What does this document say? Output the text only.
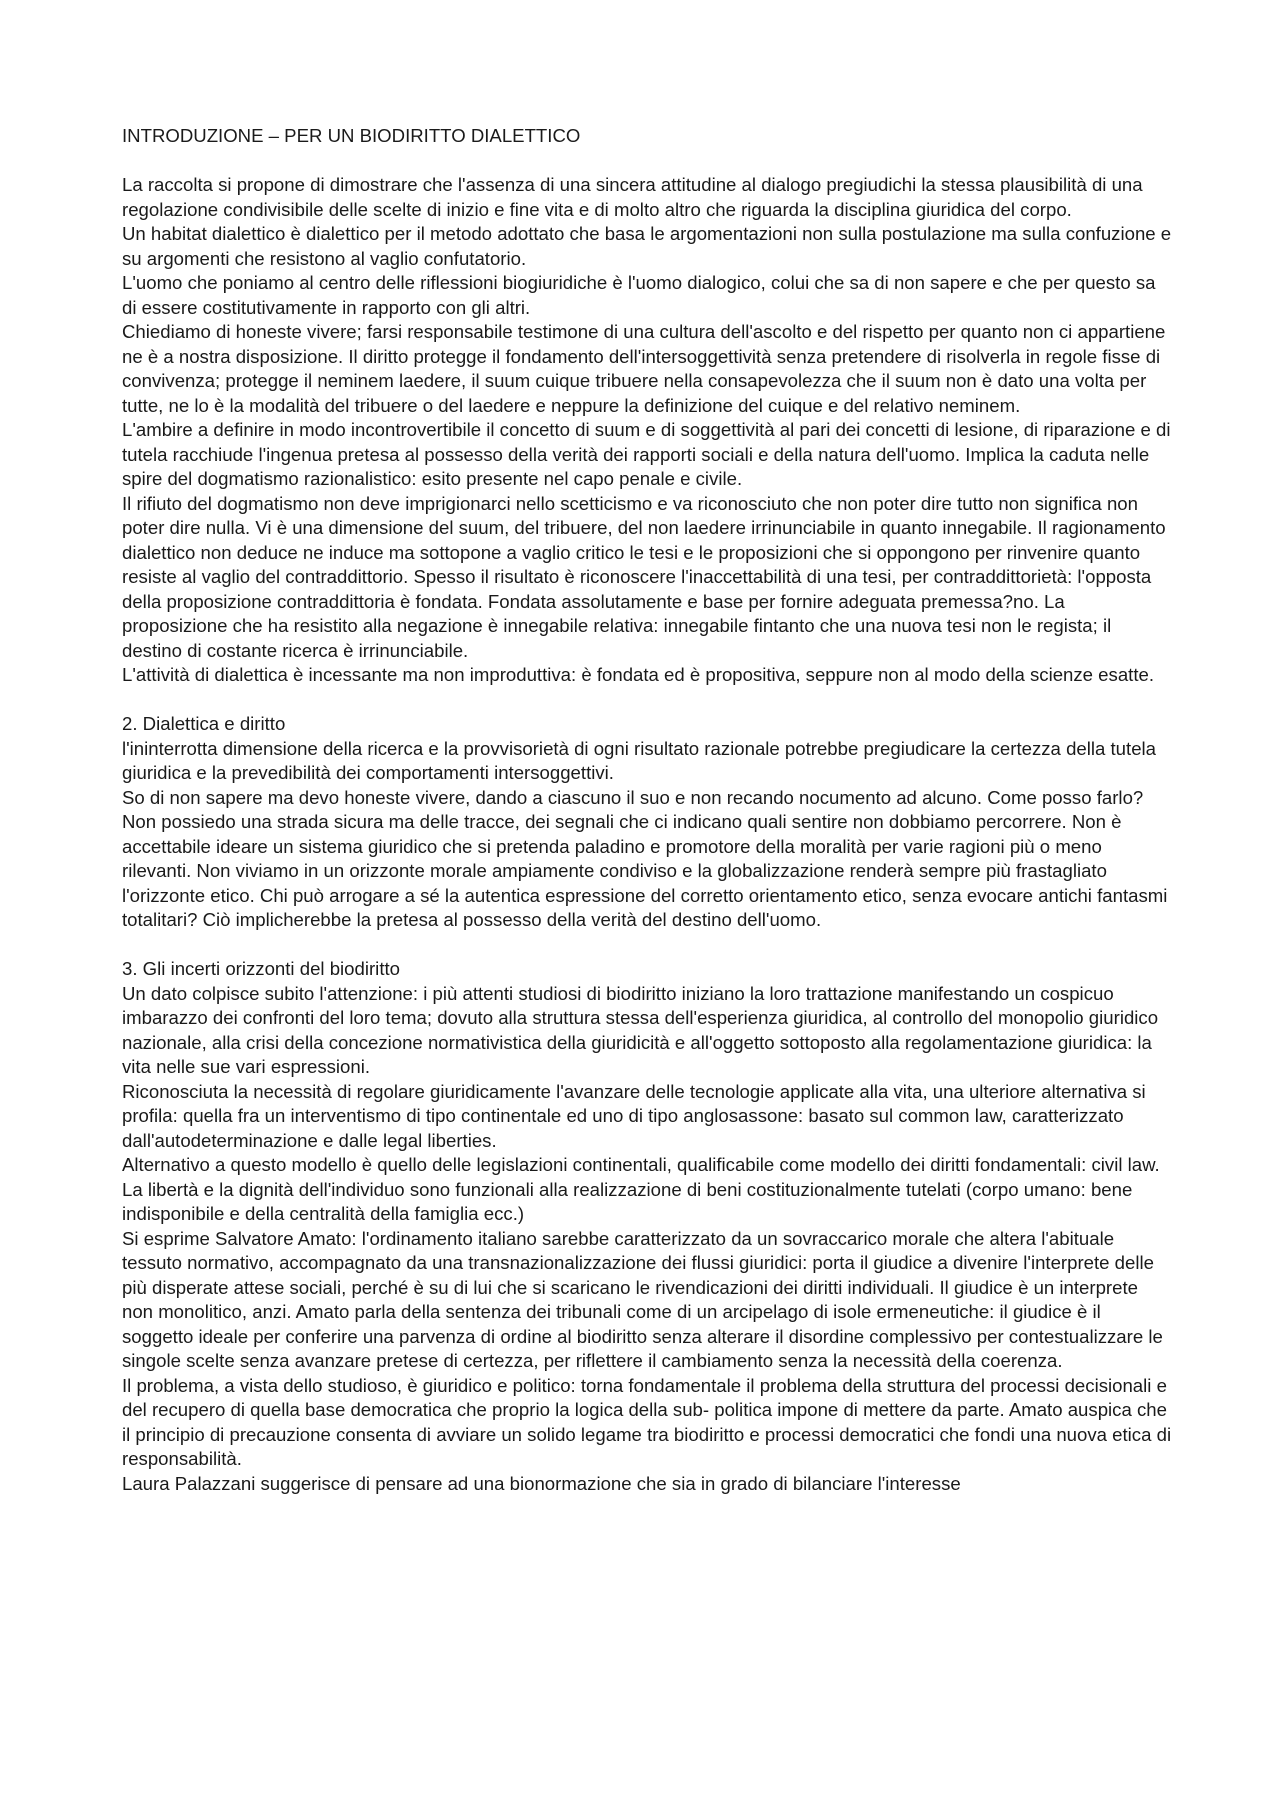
INTRODUZIONE – PER UN BIODIRITTO DIALETTICO

La raccolta si propone di dimostrare che l'assenza di una sincera attitudine al dialogo pregiudichi la stessa plausibilità di una regolazione condivisibile delle scelte di inizio e fine vita e di molto altro che riguarda la disciplina giuridica del corpo.

Un habitat dialettico è dialettico per il metodo adottato che basa le argomentazioni non sulla postulazione ma sulla confuzione e su argomenti che resistono al vaglio confutatorio.

L'uomo che poniamo al centro delle riflessioni biogiuridiche è l'uomo dialogico, colui che sa di non sapere e che per questo sa di essere costitutivamente in rapporto con gli altri.

Chiediamo di honeste vivere; farsi responsabile testimone di una cultura dell'ascolto e del rispetto per quanto non ci appartiene ne è a nostra disposizione. Il diritto protegge il fondamento dell'intersoggettività senza pretendere di risolverla in regole fisse di convivenza; protegge il neminem laedere, il suum cuique tribuere nella consapevolezza che il suum non è dato una volta per tutte, ne lo è la modalità del tribuere o del laedere e neppure la definizione del cuique e del relativo neminem.

L'ambire a definire in modo incontrovertibile il concetto di suum e di soggettività al pari dei concetti di lesione, di riparazione e di tutela racchiude l'ingenua pretesa al possesso della verità dei rapporti sociali e della natura dell'uomo. Implica la caduta nelle spire del dogmatismo razionalistico: esito presente nel capo penale e civile.

Il rifiuto del dogmatismo non deve imprigionarci nello scetticismo e va riconosciuto che non poter dire tutto non significa non poter dire nulla. Vi è una dimensione del suum, del tribuere, del non laedere irrinunciabile in quanto innegabile. Il ragionamento dialettico non deduce ne induce ma sottopone a vaglio critico le tesi e le proposizioni che si oppongono per rinvenire quanto resiste al vaglio del contraddittorio. Spesso il risultato è riconoscere l'inaccettabilità di una tesi, per contraddittorietà: l'opposta della proposizione contraddittoria è fondata. Fondata assolutamente e base per fornire adeguata premessa?no. La proposizione che ha resistito alla negazione è innegabile relativa: innegabile fintanto che una nuova tesi non le regista; il destino di costante ricerca è irrinunciabile.

L'attività di dialettica è incessante ma non improduttiva: è fondata ed è propositiva, seppure non al modo della scienze esatte.

2. Dialettica e diritto

l'ininterrotta dimensione della ricerca e la provvisorietà di ogni risultato razionale potrebbe pregiudicare la certezza della tutela giuridica e la prevedibilità dei comportamenti intersoggettivi.

So di non sapere ma devo honeste vivere, dando a ciascuno il suo e non recando nocumento ad alcuno. Come posso farlo? Non possiedo una strada sicura ma delle tracce, dei segnali che ci indicano quali sentire non dobbiamo percorrere. Non è accettabile ideare un sistema giuridico che si pretenda paladino e promotore della moralità per varie ragioni più o meno rilevanti. Non viviamo in un orizzonte morale ampiamente condiviso e la globalizzazione renderà sempre più frastagliato l'orizzonte etico. Chi può arrogare a sé la autentica espressione del corretto orientamento etico, senza evocare antichi fantasmi totalitari? Ciò implicherebbe la pretesa al possesso della verità del destino dell'uomo.

3. Gli incerti orizzonti del biodiritto

Un dato colpisce subito l'attenzione: i più attenti studiosi di biodiritto iniziano la loro trattazione manifestando un cospicuo imbarazzo dei confronti del loro tema; dovuto alla struttura stessa dell'esperienza giuridica, al controllo del monopolio giuridico nazionale, alla crisi della concezione normativistica della giuridicità e all'oggetto sottoposto alla regolamentazione giuridica: la vita nelle sue vari espressioni.

Riconosciuta la necessità di regolare giuridicamente l'avanzare delle tecnologie applicate alla vita, una ulteriore alternativa si profila: quella fra un interventismo di tipo continentale ed uno di tipo anglosassone: basato sul common law, caratterizzato dall'autodeterminazione e dalle legal liberties.

Alternativo a questo modello è quello delle legislazioni continentali, qualificabile come modello dei diritti fondamentali: civil law. La libertà e la dignità dell'individuo sono funzionali alla realizzazione di beni costituzionalmente tutelati (corpo umano: bene indisponibile e della centralità della famiglia ecc.)

Si esprime Salvatore Amato: l'ordinamento italiano sarebbe caratterizzato da un sovraccarico morale che altera l'abituale tessuto normativo, accompagnato da una transnazionalizzazione dei flussi giuridici: porta il giudice a divenire l'interprete delle più disperate attese sociali, perché è su di lui che si scaricano le rivendicazioni dei diritti individuali. Il giudice è un interprete non monolitico, anzi. Amato parla della sentenza dei tribunali come di un arcipelago di isole ermeneutiche: il giudice è il soggetto ideale per conferire una parvenza di ordine al biodiritto senza alterare il disordine complessivo per contestualizzare le singole scelte senza avanzare pretese di certezza, per riflettere il cambiamento senza la necessità della coerenza.

Il problema, a vista dello studioso, è giuridico e politico: torna fondamentale il problema della struttura del processi decisionali e del recupero di quella base democratica che proprio la logica della sub- politica impone di mettere da parte. Amato auspica che il principio di precauzione consenta di avviare un solido legame tra biodiritto e processi democratici che fondi una nuova etica di responsabilità.

Laura Palazzani suggerisce di pensare ad una bionormazione che sia in grado di bilanciare l'interesse
